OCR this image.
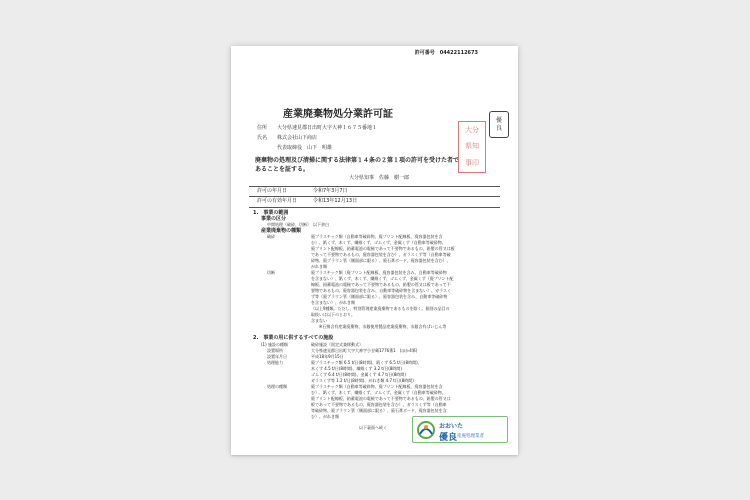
許可番号　04422112673
優
良
産業廃棄物処分業許可証
住所 大分県速見郡日出町大字大神１６７５番地１
氏名 株式会社山下商店
代表取締役　山下　明雄
廃棄物の処理及び清掃に関する法律第１４条の２第１項の許可を受けた者で
あることを証する。
大分県知事　佐藤　樹一郎
大分
県知
事印
許可の年月日	令和7年3月7日
許可の有効年月日	令和13年12月13日
1.　事業の範囲
事業の区分
中間処理（破砕、切断）　以下余白
産業廃棄物の種類
破砕	廃プラスチック類（自動車等破砕物、廃プリント配線板、廃容器包装を含
む）、紙くず、木くず、繊維くず、ゴムくず、金属くず（自動車等破砕物、
廃プリント配線板、鉛蓄電池の電極であって不要物であるもの、鉛製の管又は板
であって不要物であるもの、廃容器包装を含む）、ガラスくず等（自動車等破
砕物、廃ブラウン管（側面部に限る）、廃石膏ボード、廃容器包装を含む）、
がれき類
切断	廃プラスチック類（廃プリント配線板、廃容器包装を含み、自動車等破砕物
を含まない）、紙くず、木くず、繊維くず、ゴムくず、金属くず（廃プリント配
線板、鉛蓄電池の電極であって不要物であるもの、鉛製の管又は板であって不
要物であるもの、廃容器包装を含み、自動車等破砕物を含まない）、ガラスく
ず等（廃ブラウン管（側面部に限る）、廃容器包装を含み、自動車等破砕物
を含まない）、がれき類
（以上9種類。ただし、特別管理産業廃棄物であるものを除く。個別の品目の
取扱いは以下のとおり。
含まない
※石綿含有産業廃棄物、水銀使用製品産業廃棄物、水銀含有ばいじん等
2.　事業の用に供するすべての施設
(1) 施設の種類	破砕施設（固定式兼移動式）
設置場所	大分県速見郡日出町大字大神字小谷蔵1776番1　(ほか4筆)
設置年月日	平成18年9月15日
処理能力	廃プラスチック類 6.5 t/日(8時間)、紙くず 6.5 t/日(8時間)、
木くず 4.5 t/日(8時間)、繊維くず 3.2 t/日(8時間)
ゴムくず 6.4 t/日(8時間)、金属くず 4.7 t/日(8時間)
ガラスくず等 1.2 t/日(8時間)、がれき類 4.7 t/日(8時間)
処理の種類	廃プラスチック類（自動車等破砕物、廃プリント配線板、廃容器包装を含
む）、紙くず、木くず、繊維くず、ゴムくず、金属くず（自動車等破砕物、
廃プリント配線板、鉛蓄電池の電極であって不要物であるもの、鉛製の管又は
板であって不要物であるもの、廃容器包装を含む）、ガラスくず等（自動車
等破砕物、廃ブラウン管（側面部に限る）、廃石膏ボード、廃容器包装を含
む）、がれき類
以下裏面へ続く	おおいた
優良 産廃処理業者
